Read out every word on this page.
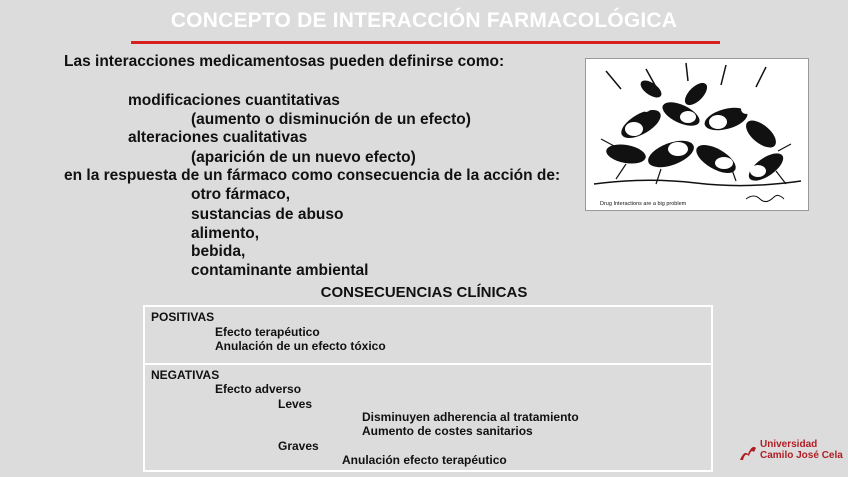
CONCEPTO DE INTERACCIÓN FARMACOLÓGICA
Las interacciones medicamentosas pueden definirse como:
modificaciones cuantitativas
(aumento o disminución de un efecto)
alteraciones cualitativas
(aparición de un nuevo efecto)
en la respuesta de un fármaco como consecuencia de la acción de:
otro fármaco,
sustancias de abuso
alimento,
bebida,
contaminante ambiental
Drug Interactions are a big problem
CONSECUENCIAS CLÍNICAS
POSITIVAS
Efecto terapéutico
Anulación de un efecto tóxico
NEGATIVAS
Efecto adverso
Leves
Disminuyen adherencia al tratamiento
Aumento de costes sanitarios
Graves
Anulación efecto terapéutico
Universidad
Camilo José Cela
